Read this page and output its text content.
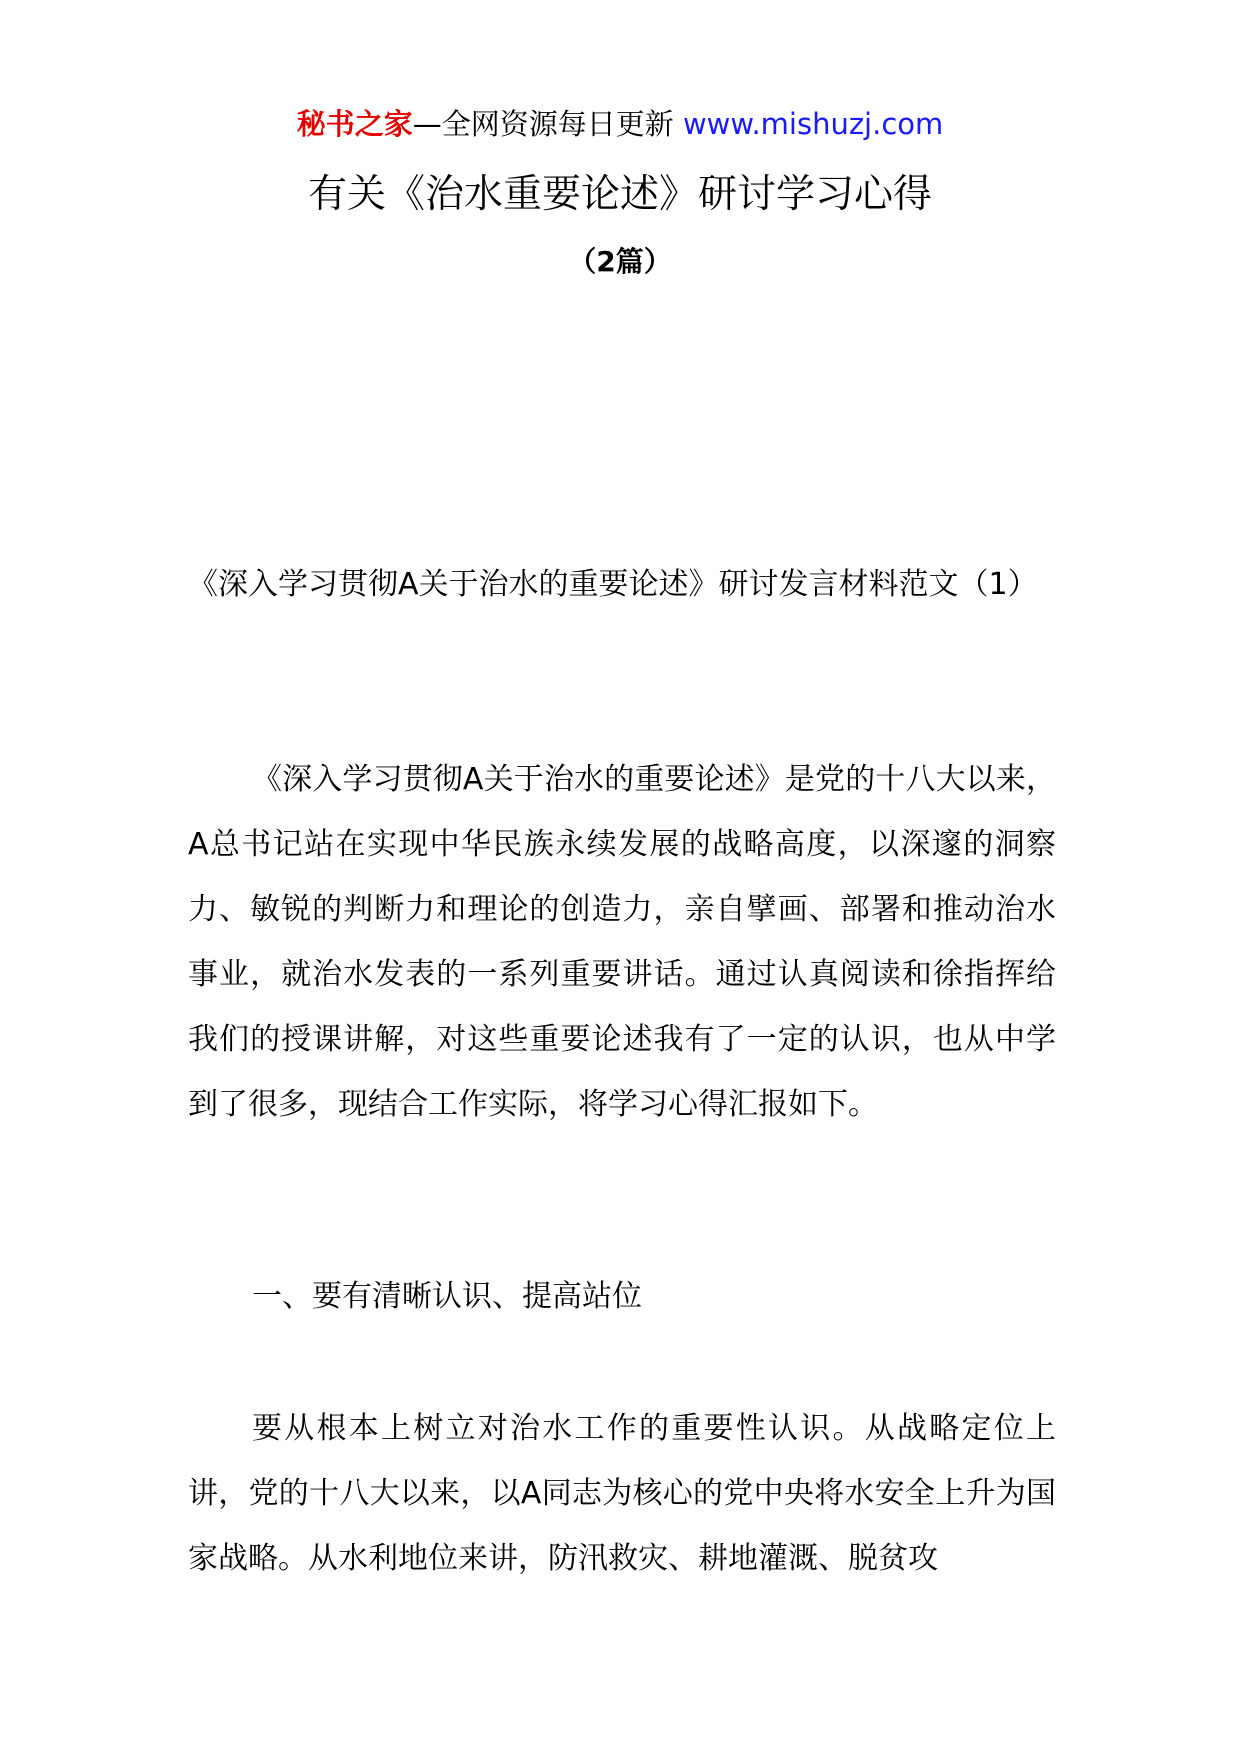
秘书之家—全网资源每日更新 www.mishuzj.com
有关《治水重要论述》研讨学习心得
（2篇）
《深入学习贯彻A关于治水的重要论述》研讨发言材料范文（1）
《深入学习贯彻A关于治水的重要论述》是党的十八大以来，A总书记站在实现中华民族永续发展的战略高度，以深邃的洞察力、敏锐的判断力和理论的创造力，亲自擘画、部署和推动治水事业，就治水发表的一系列重要讲话。通过认真阅读和徐指挥给我们的授课讲解，对这些重要论述我有了一定的认识，也从中学到了很多，现结合工作实际，将学习心得汇报如下。
一、要有清晰认识、提高站位
要从根本上树立对治水工作的重要性认识。从战略定位上讲，党的十八大以来，以A同志为核心的党中央将水安全上升为国家战略。从水利地位来讲，防汛救灾、耕地灌溉、脱贫攻
